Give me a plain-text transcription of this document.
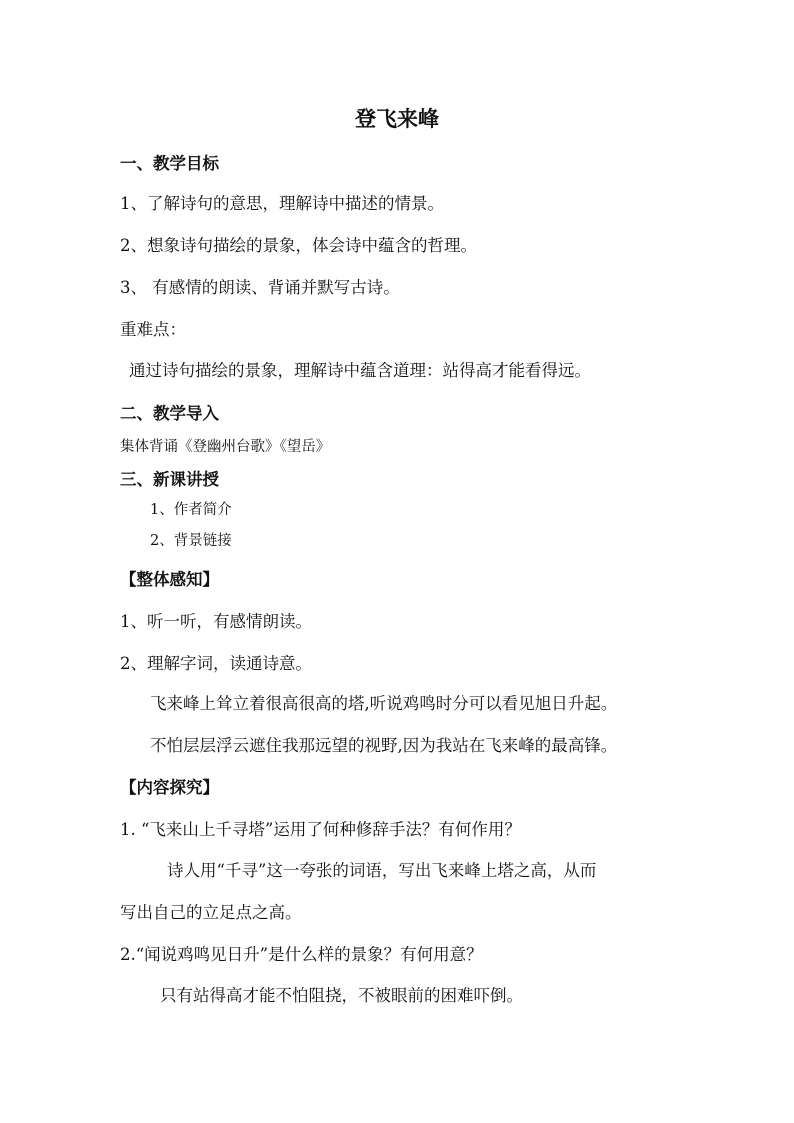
登飞来峰
一、教学目标
1、了解诗句的意思，理解诗中描述的情景。
2、想象诗句描绘的景象，体会诗中蕴含的哲理。
3、 有感情的朗读、背诵并默写古诗。
重难点：
通过诗句描绘的景象，理解诗中蕴含道理：站得高才能看得远。
二、教学导入
集体背诵《登幽州台歌》《望岳》
三、新课讲授
1、作者简介
2、背景链接
【整体感知】
1、听一听，有感情朗读。
2、理解字词，读通诗意。
飞来峰上耸立着很高很高的塔,听说鸡鸣时分可以看见旭日升起。
不怕层层浮云遮住我那远望的视野,因为我站在飞来峰的最高锋。
【内容探究】
1. “飞来山上千寻塔”运用了何种修辞手法？有何作用？
诗人用“千寻”这一夸张的词语，写出飞来峰上塔之高，从而
写出自己的立足点之高。
2.“闻说鸡鸣见日升”是什么样的景象？有何用意？
只有站得高才能不怕阻挠，不被眼前的困难吓倒。
